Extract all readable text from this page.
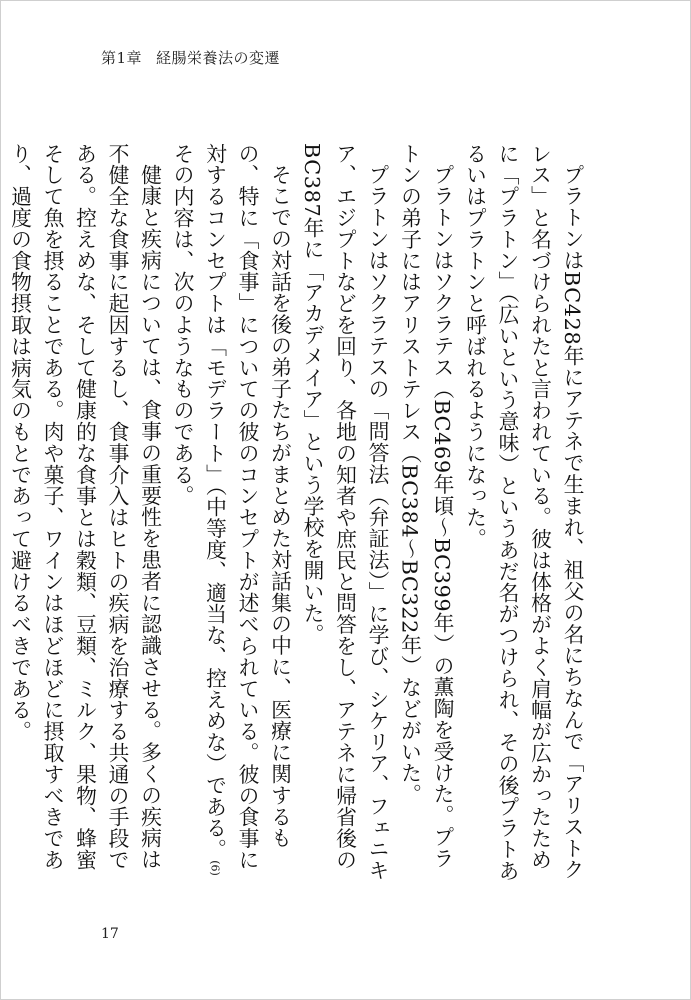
第1章 経腸栄養法の変遷

プラトンはBC428年にアテネで生まれ、祖父の名にちなんで「アリストクレス」と名づけられたと言われている。彼は体格がよく肩幅が広かったために「プラトン」（広いという意味）というあだ名がつけられ、その後プラトあるいはプラトンと呼ばれるようになった。

プラトンはソクラテス（BC469年頃〜BC399年）の薫陶を受けた。プラトンの弟子にはアリストテレス（BC384〜BC322年）などがいた。

プラトンはソクラテスの「問答法（弁証法）」に学び、シケリア、フェニキア、エジプトなどを回り、各地の知者や庶民と問答をし、アテネに帰省後のBC387年に「アカデメイア」という学校を開いた。

そこでの対話を後の弟子たちがまとめた対話集の中に、医療に関するもの、特に「食事」についての彼のコンセプトが述べられている。彼の食事に対するコンセプトは「モデラート」（中等度、適当な、控えめな）である。(6)その内容は、次のようなものである。

健康と疾病については、食事の重要性を患者に認識させる。多くの疾病は不健全な食事に起因するし、食事介入はヒトの疾病を治療する共通の手段である。控えめな、そして健康的な食事とは穀類、豆類、ミルク、果物、蜂蜜そして魚を摂ることである。肉や菓子、ワインはほどほどに摂取すべきであり、過度の食物摂取は病気のもとであって避けるべきである。

17
